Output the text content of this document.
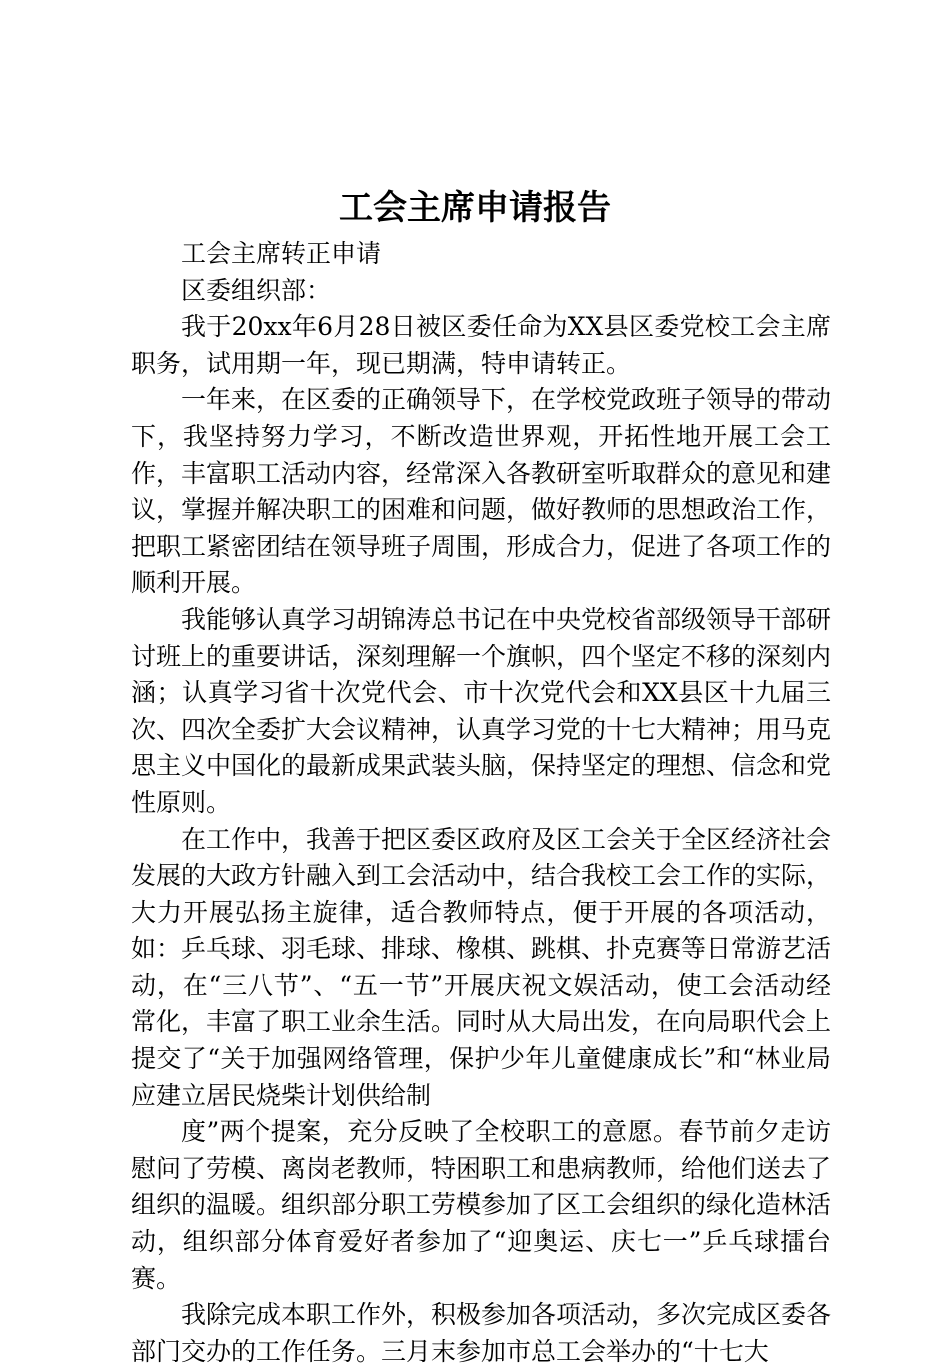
工会主席申请报告

工会主席转正申请

区委组织部：

我于20xx年6月28日被区委任命为XX县区委党校工会主席职务，试用期一年，现已期满，特申请转正。

一年来，在区委的正确领导下，在学校党政班子领导的带动下，我坚持努力学习，不断改造世界观，开拓性地开展工会工作，丰富职工活动内容，经常深入各教研室听取群众的意见和建议，掌握并解决职工的困难和问题，做好教师的思想政治工作，把职工紧密团结在领导班子周围，形成合力，促进了各项工作的顺利开展。

我能够认真学习胡锦涛总书记在中央党校省部级领导干部研讨班上的重要讲话，深刻理解一个旗帜，四个坚定不移的深刻内涵；认真学习省十次党代会、市十次党代会和XX县区十九届三次、四次全委扩大会议精神，认真学习党的十七大精神；用马克思主义中国化的最新成果武装头脑，保持坚定的理想、信念和党性原则。

在工作中，我善于把区委区政府及区工会关于全区经济社会发展的大政方针融入到工会活动中，结合我校工会工作的实际，大力开展弘扬主旋律，适合教师特点，便于开展的各项活动，如：乒乓球、羽毛球、排球、橡棋、跳棋、扑克赛等日常游艺活动，在“三八节”、“五一节”开展庆祝文娱活动，使工会活动经常化，丰富了职工业余生活。同时从大局出发，在向局职代会上提交了“关于加强网络管理，保护少年儿童健康成长”和“林业局应建立居民烧柴计划供给制

度”两个提案，充分反映了全校职工的意愿。春节前夕走访慰问了劳模、离岗老教师，特困职工和患病教师，给他们送去了组织的温暖。组织部分职工劳模参加了区工会组织的绿化造林活动，组织部分体育爱好者参加了“迎奥运、庆七一”乒乓球擂台赛。

我除完成本职工作外，积极参加各项活动，多次完成区委各部门交办的工作任务。三月末参加市总工会举办的“十七大
